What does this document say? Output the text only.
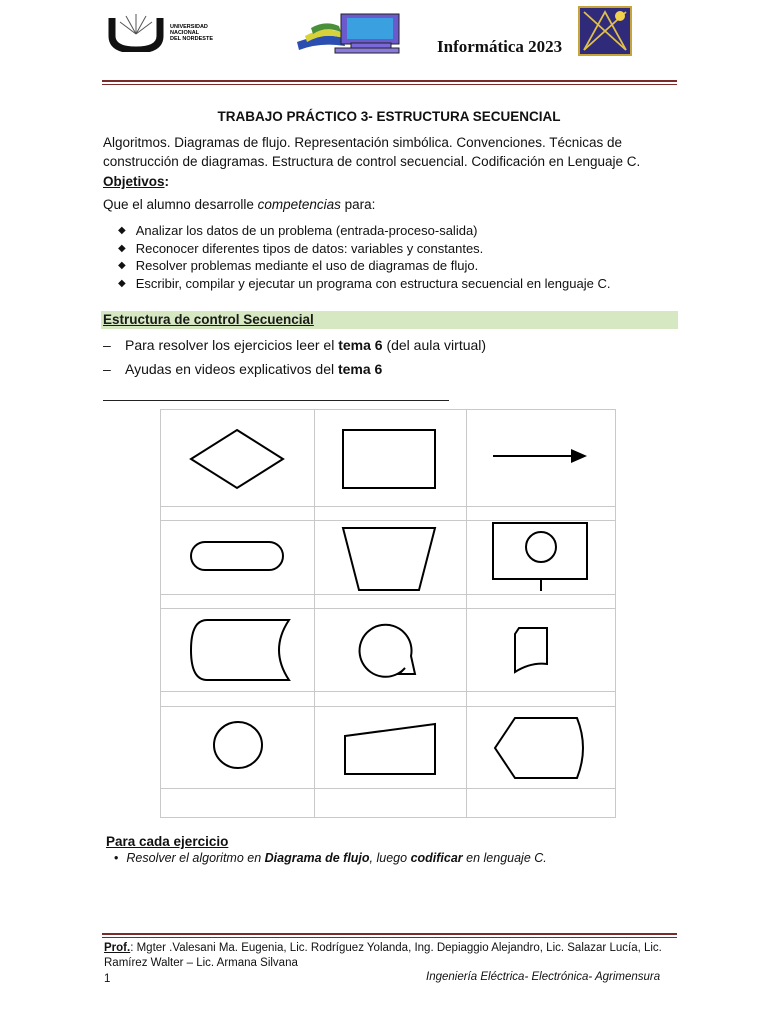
UNIVERSIDAD
NACIONAL
DEL NORDESTE	Informática 2023
TRABAJO PRÁCTICO 3- ESTRUCTURA SECUENCIAL
Algoritmos. Diagramas de flujo. Representación simbólica. Convenciones. Técnicas de construcción de diagramas. Estructura de control secuencial. Codificación en Lenguaje C.
Objetivos:
Que el alumno desarrolle competencias para:
◆ Analizar los datos de un problema (entrada-proceso-salida)
◆ Reconocer diferentes tipos de datos: variables y constantes.
◆ Resolver problemas mediante el uso de diagramas de flujo.
◆ Escribir, compilar y ejecutar un programa con estructura secuencial en lenguaje C.
Estructura de control Secuencial
– Para resolver los ejercicios leer el tema 6 (del aula virtual)
– Ayudas en videos explicativos del tema 6
Para cada ejercicio
• Resolver el algoritmo en Diagrama de flujo, luego codificar en lenguaje C.
Prof.: Mgter .Valesani Ma. Eugenia, Lic. Rodríguez Yolanda, Ing. Depiaggio Alejandro, Lic. Salazar Lucía, Lic. Ramírez Walter – Lic. Armana Silvana
1	Ingeniería Eléctrica- Electrónica- Agrimensura
